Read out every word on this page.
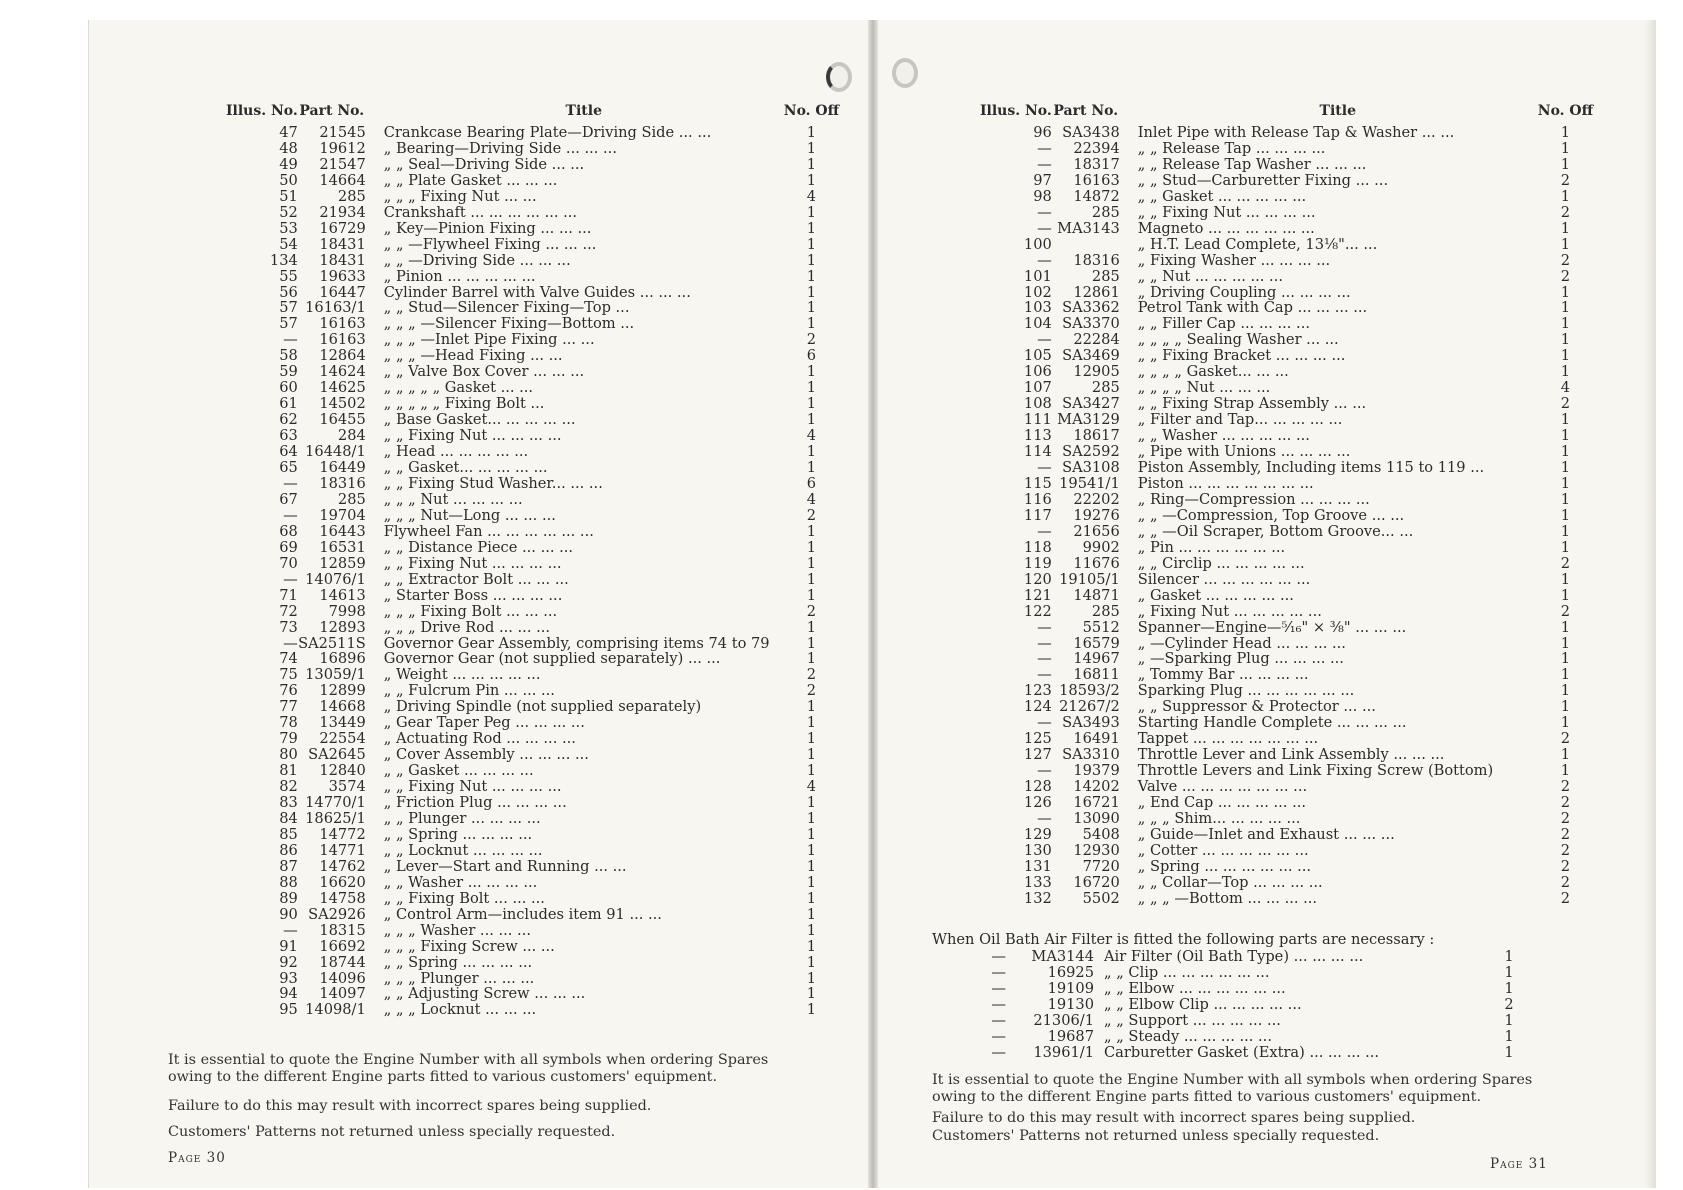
Illus. No.	Part No.	Title	No. Off
47	21545	Crankcase Bearing Plate—Driving Side ... ...	1
48	19612	„ Bearing—Driving Side ... ... ...	1
49	21547	„ „ Seal—Driving Side ... ...	1
50	14664	„ „ Plate Gasket ... ... ...	1
51	285	„ „ „ Fixing Nut ... ...	4
52	21934	Crankshaft ... ... ... ... ... ...	1
53	16729	„ Key—Pinion Fixing ... ... ...	1
54	18431	„ „ —Flywheel Fixing ... ... ...	1
134	18431	„ „ —Driving Side ... ... ...	1
55	19633	„ Pinion ... ... ... ... ...	1
56	16447	Cylinder Barrel with Valve Guides ... ... ...	1
57	16163/1	„ „ Stud—Silencer Fixing—Top ...	1
57	16163	„ „ „ —Silencer Fixing—Bottom ...	1
—	16163	„ „ „ —Inlet Pipe Fixing ... ...	2
58	12864	„ „ „ —Head Fixing ... ...	6
59	14624	„ „ Valve Box Cover ... ... ...	1
60	14625	„ „ „ „ „ Gasket ... ...	1
61	14502	„ „ „ „ „ Fixing Bolt ...	1
62	16455	„ Base Gasket... ... ... ... ...	1
63	284	„ „ Fixing Nut ... ... ... ...	4
64	16448/1	„ Head ... ... ... ... ...	1
65	16449	„ „ Gasket... ... ... ... ...	1
—	18316	„ „ Fixing Stud Washer... ... ...	6
67	285	„ „ „ Nut ... ... ... ...	4
—	19704	„ „ „ Nut—Long ... ... ...	2
68	16443	Flywheel Fan ... ... ... ... ... ...	1
69	16531	„ „ Distance Piece ... ... ...	1
70	12859	„ „ Fixing Nut ... ... ... ...	1
—	14076/1	„ „ Extractor Bolt ... ... ...	1
71	14613	„ Starter Boss ... ... ... ...	1
72	7998	„ „ „ Fixing Bolt ... ... ...	2
73	12893	„ „ „ Drive Rod ... ... ...	1
—	SA2511S	Governor Gear Assembly, comprising items 74 to 79	1
74	16896	Governor Gear (not supplied separately) ... ...	1
75	13059/1	„ Weight ... ... ... ... ...	2
76	12899	„ „ Fulcrum Pin ... ... ...	2
77	14668	„ Driving Spindle (not supplied separately)	1
78	13449	„ Gear Taper Peg ... ... ... ...	1
79	22554	„ Actuating Rod ... ... ... ...	1
80	SA2645	„ Cover Assembly ... ... ... ...	1
81	12840	„ „ Gasket ... ... ... ...	1
82	3574	„ „ Fixing Nut ... ... ... ...	4
83	14770/1	„ Friction Plug ... ... ... ...	1
84	18625/1	„ „ Plunger ... ... ... ...	1
85	14772	„ „ Spring ... ... ... ...	1
86	14771	„ „ Locknut ... ... ... ...	1
87	14762	„ Lever—Start and Running ... ...	1
88	16620	„ „ Washer ... ... ... ...	1
89	14758	„ „ Fixing Bolt ... ... ...	1
90	SA2926	„ Control Arm—includes item 91 ... ...	1
—	18315	„ „ „ Washer ... ... ...	1
91	16692	„ „ „ Fixing Screw ... ...	1
92	18744	„ „ Spring ... ... ... ...	1
93	14096	„ „ „ Plunger ... ... ...	1
94	14097	„ „ Adjusting Screw ... ... ...	1
95	14098/1	„ „ „ Locknut ... ... ...	1
It is essential to quote the Engine Number with all symbols when ordering Spares owing to the different Engine parts fitted to various customers' equipment.
Failure to do this may result with incorrect spares being supplied.
Customers' Patterns not returned unless specially requested.
Page 30
Illus. No.	Part No.	Title	No. Off
96	SA3438	Inlet Pipe with Release Tap & Washer ... ...	1
—	22394	„ „ Release Tap ... ... ... ...	1
—	18317	„ „ Release Tap Washer ... ... ...	1
97	16163	„ „ Stud—Carburetter Fixing ... ...	2
98	14872	„ „ Gasket ... ... ... ... ...	1
—	285	„ „ Fixing Nut ... ... ... ...	2
—	MA3143	Magneto ... ... ... ... ... ...	1
100		„ H.T. Lead Complete, 13⅛"... ...	1
—	18316	„ Fixing Washer ... ... ... ...	2
101	285	„ „ Nut ... ... ... ... ...	2
102	12861	„ Driving Coupling ... ... ... ...	1
103	SA3362	Petrol Tank with Cap ... ... ... ...	1
104	SA3370	„ „ Filler Cap ... ... ... ...	1
—	22284	„ „ „ „ Sealing Washer ... ...	1
105	SA3469	„ „ Fixing Bracket ... ... ... ...	1
106	12905	„ „ „ „ Gasket... ... ...	1
107	285	„ „ „ „ Nut ... ... ...	4
108	SA3427	„ „ Fixing Strap Assembly ... ...	2
111	MA3129	„ Filter and Tap... ... ... ... ...	1
113	18617	„ „ Washer ... ... ... ... ...	1
114	SA2592	„ Pipe with Unions ... ... ... ...	1
—	SA3108	Piston Assembly, Including items 115 to 119 ...	1
115	19541/1	Piston ... ... ... ... ... ... ...	1
116	22202	„ Ring—Compression ... ... ... ...	1
117	19276	„ „ —Compression, Top Groove ... ...	1
—	21656	„ „ —Oil Scraper, Bottom Groove... ...	1
118	9902	„ Pin ... ... ... ... ... ...	1
119	11676	„ „ Circlip ... ... ... ... ...	2
120	19105/1	Silencer ... ... ... ... ... ...	1
121	14871	„ Gasket ... ... ... ... ...	1
122	285	„ Fixing Nut ... ... ... ... ...	2
—	5512	Spanner—Engine—⁵⁄₁₆" × ⅜" ... ... ...	1
—	16579	„ —Cylinder Head ... ... ... ...	1
—	14967	„ —Sparking Plug ... ... ... ...	1
—	16811	„ Tommy Bar ... ... ... ...	1
123	18593/2	Sparking Plug ... ... ... ... ... ...	1
124	21267/2	„ „ Suppressor & Protector ... ...	1
—	SA3493	Starting Handle Complete ... ... ... ...	1
125	16491	Tappet ... ... ... ... ... ... ...	2
127	SA3310	Throttle Lever and Link Assembly ... ... ...	1
—	19379	Throttle Levers and Link Fixing Screw (Bottom)	1
128	14202	Valve ... ... ... ... ... ... ...	2
126	16721	„ End Cap ... ... ... ... ...	2
—	13090	„ „ „ Shim... ... ... ... ...	2
129	5408	„ Guide—Inlet and Exhaust ... ... ...	2
130	12930	„ Cotter ... ... ... ... ... ...	2
131	7720	„ Spring ... ... ... ... ... ...	2
133	16720	„ „ Collar—Top ... ... ... ...	2
132	5502	„ „ „ —Bottom ... ... ... ...	2
When Oil Bath Air Filter is fitted the following parts are necessary :
—	MA3144	Air Filter (Oil Bath Type) ... ... ... ...	1
—	16925	„ „ Clip ... ... ... ... ... ...	1
—	19109	„ „ Elbow ... ... ... ... ... ...	1
—	19130	„ „ Elbow Clip ... ... ... ... ...	2
—	21306/1	„ „ Support ... ... ... ... ...	1
—	19687	„ „ Steady ... ... ... ... ...	1
—	13961/1	Carburetter Gasket (Extra) ... ... ... ...	1
It is essential to quote the Engine Number with all symbols when ordering Spares owing to the different Engine parts fitted to various customers' equipment.
Failure to do this may result with incorrect spares being supplied.
Customers' Patterns not returned unless specially requested.
Page 31
